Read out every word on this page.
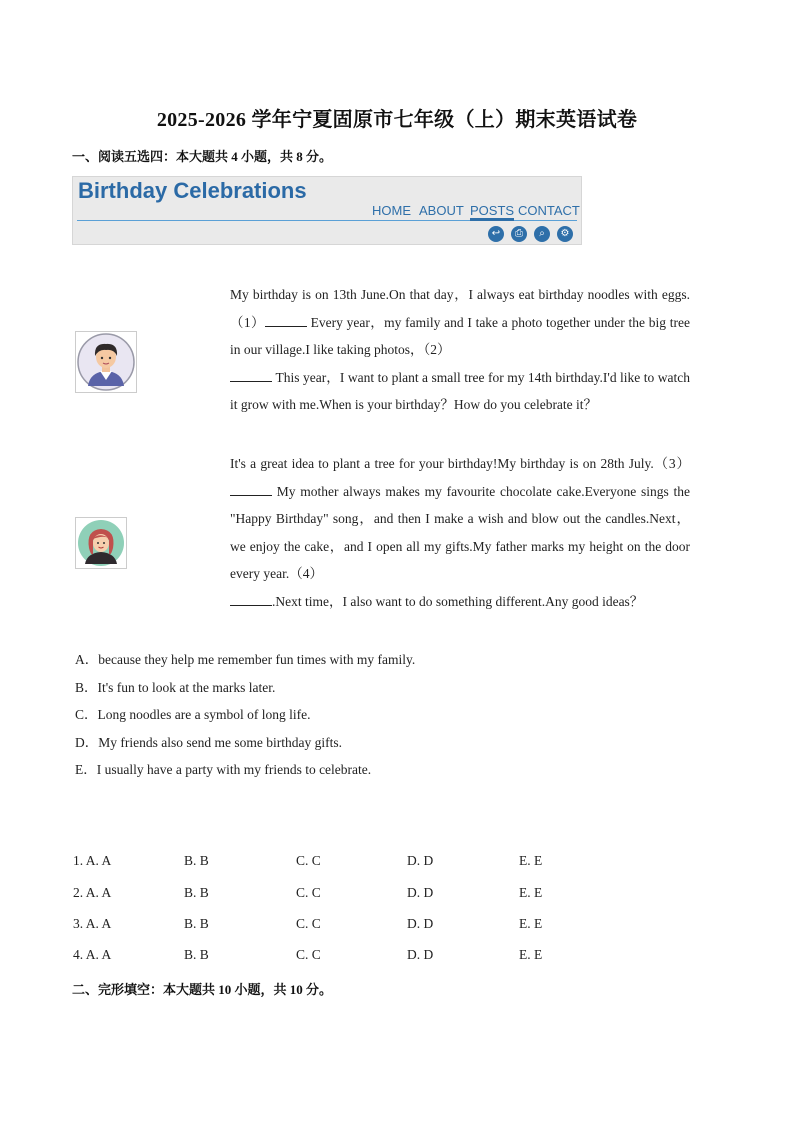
2025-2026 学年宁夏固原市七年级（上）期末英语试卷
一、阅读五选四：本大题共 4 小题，共 8 分。
Birthday Celebrations
HOME ABOUT POSTS CONTACT
↩	⎙	⌕	⚙
My birthday is on 13th June.On that day，I always eat birthday noodles with eggs.（1）	Every year，my family and I take a photo together under the big tree in our village.I like taking photos，（2）
This year，I want to plant a small tree for my 14th birthday.I'd like to watch it grow with me.When is your birthday？How do you celebrate it？
It's a great idea to plant a tree for your birthday!My birthday is on 28th July.（3） My mother always makes my favourite chocolate cake.Everyone sings the "Happy Birthday" song，and then I make a wish and blow out the candles.Next，we enjoy the cake，and I open all my gifts.My father marks my height on the door every year.（4）
.Next time，I also want to do something different.Any good ideas？
A．because they help me remember fun times with my family.
B．It's fun to look at the marks later.
C．Long noodles are a symbol of long life.
D．My friends also send me some birthday gifts.
E．I usually have a party with my friends to celebrate.
1. A. A	B. B	C. C	D. D	E. E
2. A. A	B. B	C. C	D. D	E. E
3. A. A	B. B	C. C	D. D	E. E
4. A. A	B. B	C. C	D. D	E. E
二、完形填空：本大题共 10 小题，共 10 分。
